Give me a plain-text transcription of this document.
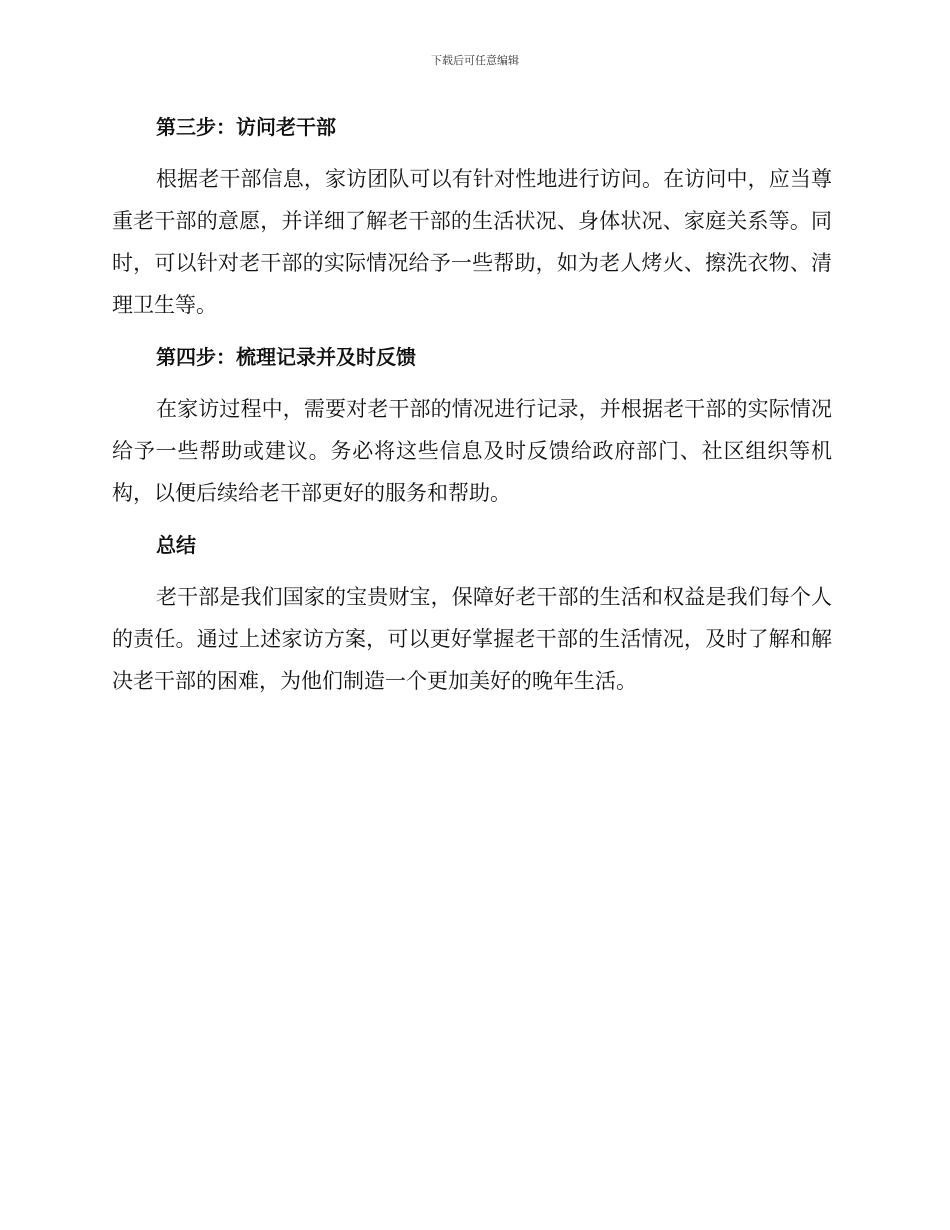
下载后可任意编辑
第三步：访问老干部

根据老干部信息，家访团队可以有针对性地进行访问。在访问中，应当尊重老干部的意愿，并详细了解老干部的生活状况、身体状况、家庭关系等。同时，可以针对老干部的实际情况给予一些帮助，如为老人烤火、擦洗衣物、清理卫生等。

第四步：梳理记录并及时反馈

在家访过程中，需要对老干部的情况进行记录，并根据老干部的实际情况给予一些帮助或建议。务必将这些信息及时反馈给政府部门、社区组织等机构，以便后续给老干部更好的服务和帮助。

总结

老干部是我们国家的宝贵财宝，保障好老干部的生活和权益是我们每个人的责任。通过上述家访方案，可以更好掌握老干部的生活情况，及时了解和解决老干部的困难，为他们制造一个更加美好的晚年生活。
